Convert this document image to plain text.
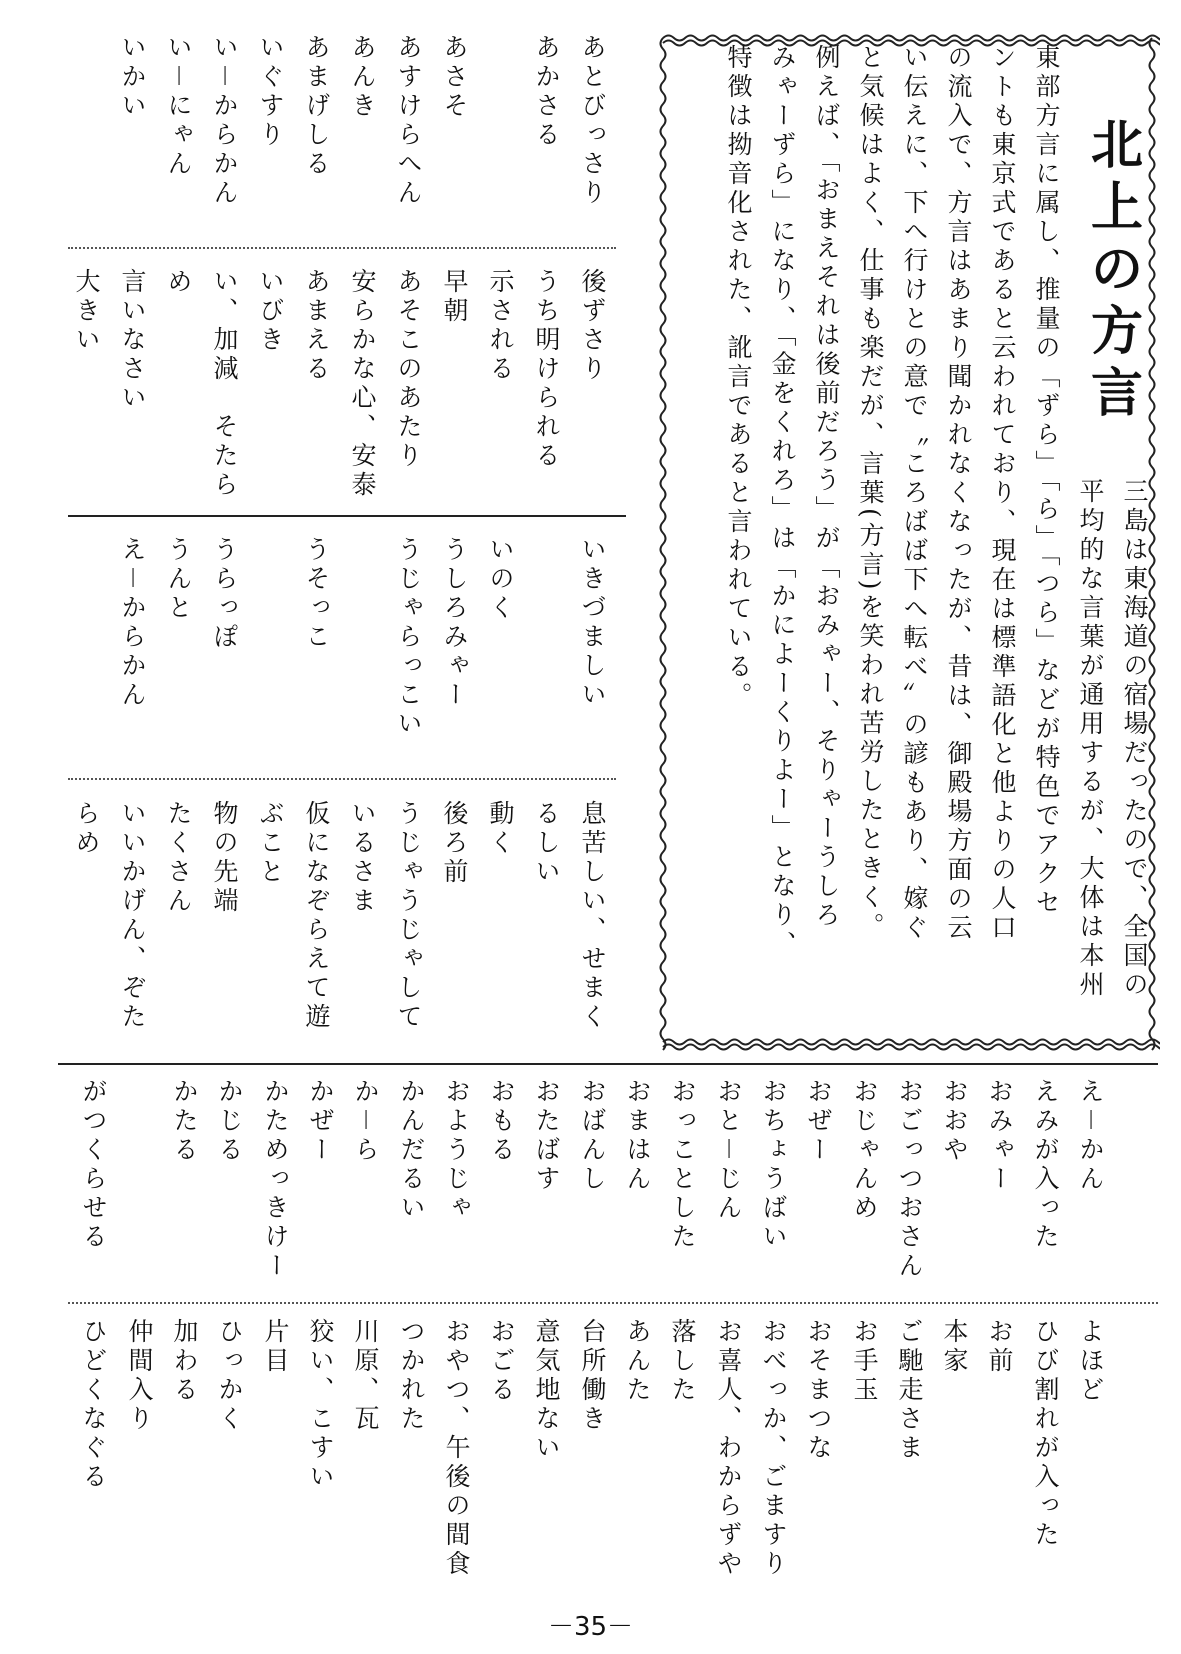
北
上
の
方
言
三島は東海道の宿場だったので、全国の
平均的な言葉が通用するが、大体は本州
東部方言に属し、推量の「ずら」「ら」「つら」などが特色でアクセ
ントも東京式であると云われており、現在は標準語化と他よりの人口
の流入で、方言はあまり聞かれなくなったが、昔は、御殿場方面の云
い伝えに、下へ行けとの意で〝ころばば下へ転べ〟の諺もあり、嫁ぐ
と気候はよく、仕事も楽だが、言葉(方言)を笑われ苦労したときく。
例えば、「おまえそれは後前だろう」が「おみゃー、そりゃーうしろ
みゃーずら」になり、「金をくれろ」は「かによーくりよー」となり、
特徴は拗音化された、訛言であると言われている。
あとびっさり
後ずさり
あかさる
うち明けられる
示される
あさそ
早朝
あすけらへん
あそこのあたり
あんき
安らかな心、安泰
あまげしる
あまえる
いぐすり
いびき
い－からかん
い、加減　そたら
い－にゃん
め
いかい
言いなさい
大きい
いきづましい
息苦しい、せまく
るしい
いのく
動く
うしろみゃー
後ろ前
うじゃらっこい
うじゃうじゃして
いるさま
うそっこ
仮になぞらえて遊
ぶこと
うらっぽ
物の先端
うんと
たくさん
え－からかん
いいかげん、ぞた
らめ
え－かん
よほど
えみが入った
ひび割れが入った
おみゃー
お前
おおや
本家
おごっつおさん
ご馳走さま
おじゃんめ
お手玉
おぜー
おそまつな
おちょうばい
おべっか、ごますり
おと－じん
お喜人、わからずや
おっことした
落した
おまはん
あんた
おばんし
台所働き
おたばす
意気地ない
おもる
おごる
おようじゃ
おやつ、午後の間食
かんだるい
つかれた
か－ら
川原、瓦
かぜー
狡い、こすい
かためっきけー
片目
かじる
ひっかく
かたる
加わる
仲間入り
がつくらせる
ひどくなぐる
－35－
